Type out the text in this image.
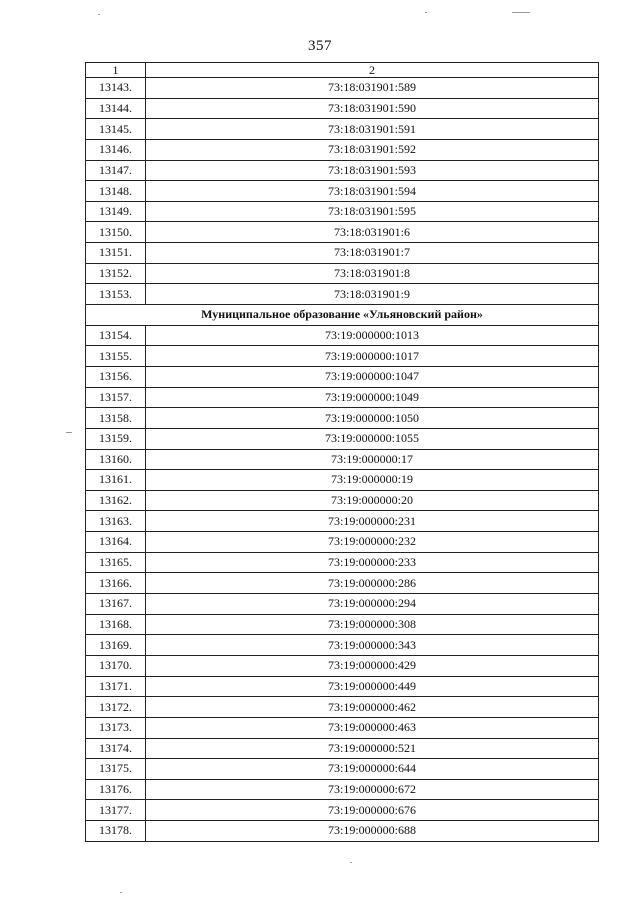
357
1	2
13143.	73:18:031901:589
13144.	73:18:031901:590
13145.	73:18:031901:591
13146.	73:18:031901:592
13147.	73:18:031901:593
13148.	73:18:031901:594
13149.	73:18:031901:595
13150.	73:18:031901:6
13151.	73:18:031901:7
13152.	73:18:031901:8
13153.	73:18:031901:9
Муниципальное образование «Ульяновский район»	
13154.	73:19:000000:1013
13155.	73:19:000000:1017
13156.	73:19:000000:1047
13157.	73:19:000000:1049
13158.	73:19:000000:1050
13159.	73:19:000000:1055
13160.	73:19:000000:17
13161.	73:19:000000:19
13162.	73:19:000000:20
13163.	73:19:000000:231
13164.	73:19:000000:232
13165.	73:19:000000:233
13166.	73:19:000000:286
13167.	73:19:000000:294
13168.	73:19:000000:308
13169.	73:19:000000:343
13170.	73:19:000000:429
13171.	73:19:000000:449
13172.	73:19:000000:462
13173.	73:19:000000:463
13174.	73:19:000000:521
13175.	73:19:000000:644
13176.	73:19:000000:672
13177.	73:19:000000:676
13178.	73:19:000000:688
